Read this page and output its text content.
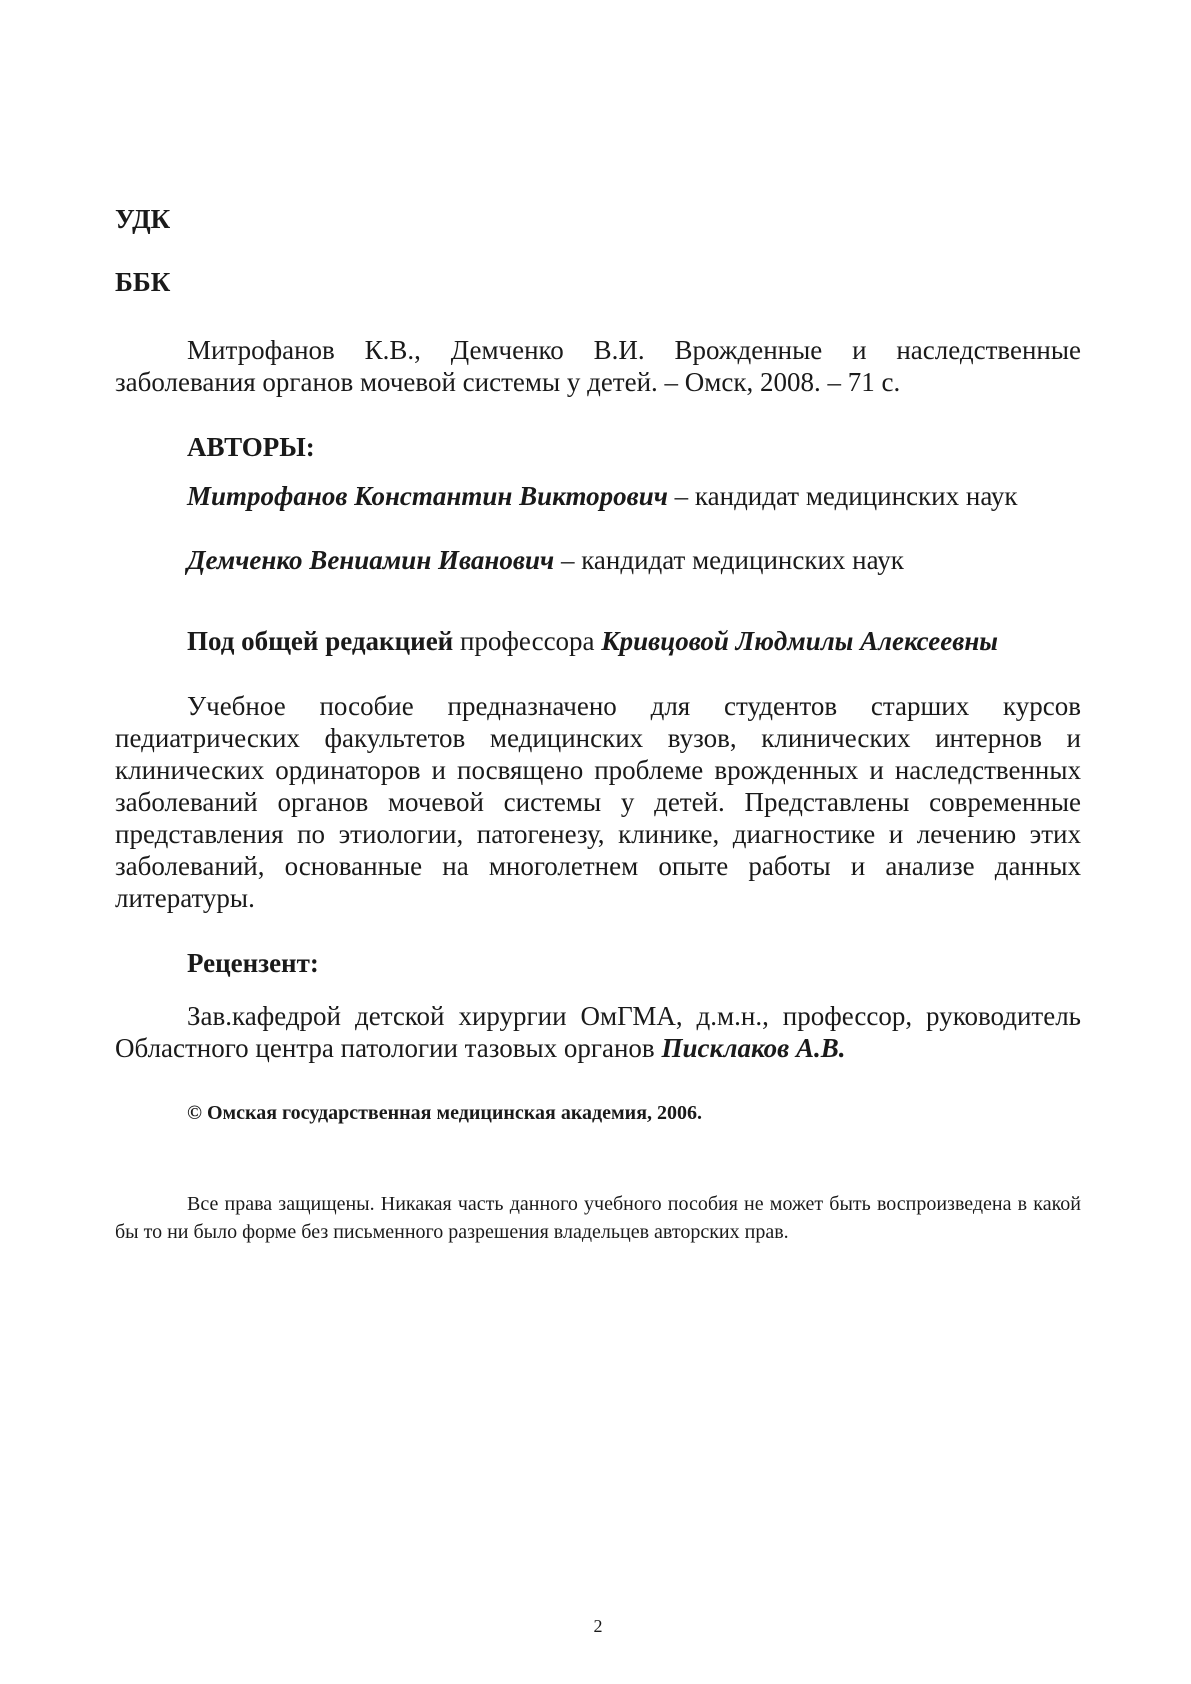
УДК
ББК

Митрофанов К.В., Демченко В.И. Врожденные и наследственные заболевания органов мочевой системы у детей. – Омск, 2008. – 71 с.

АВТОРЫ:
Митрофанов Константин Викторович – кандидат медицинских наук
Демченко Вениамин Иванович – кандидат медицинских наук
Под общей редакцией профессора Кривцовой Людмилы Алексеевны

Учебное пособие предназначено для студентов старших курсов педиатрических факультетов медицинских вузов, клинических интернов и клинических ординаторов и посвящено проблеме врожденных и наследственных заболеваний органов мочевой системы у детей. Представлены современные представления по этиологии, патогенезу, клинике, диагностике и лечению этих заболеваний, основанные на многолетнем опыте работы и анализе данных литературы.

Рецензент:

Зав.кафедрой детской хирургии ОмГМА, д.м.н., профессор, руководитель Областного центра патологии тазовых органов Писклаков А.В.

© Омская государственная медицинская академия, 2006.

Все права защищены. Никакая часть данного учебного пособия не может быть воспроизведена в какой бы то ни было форме без письменного разрешения владельцев авторских прав.

2
